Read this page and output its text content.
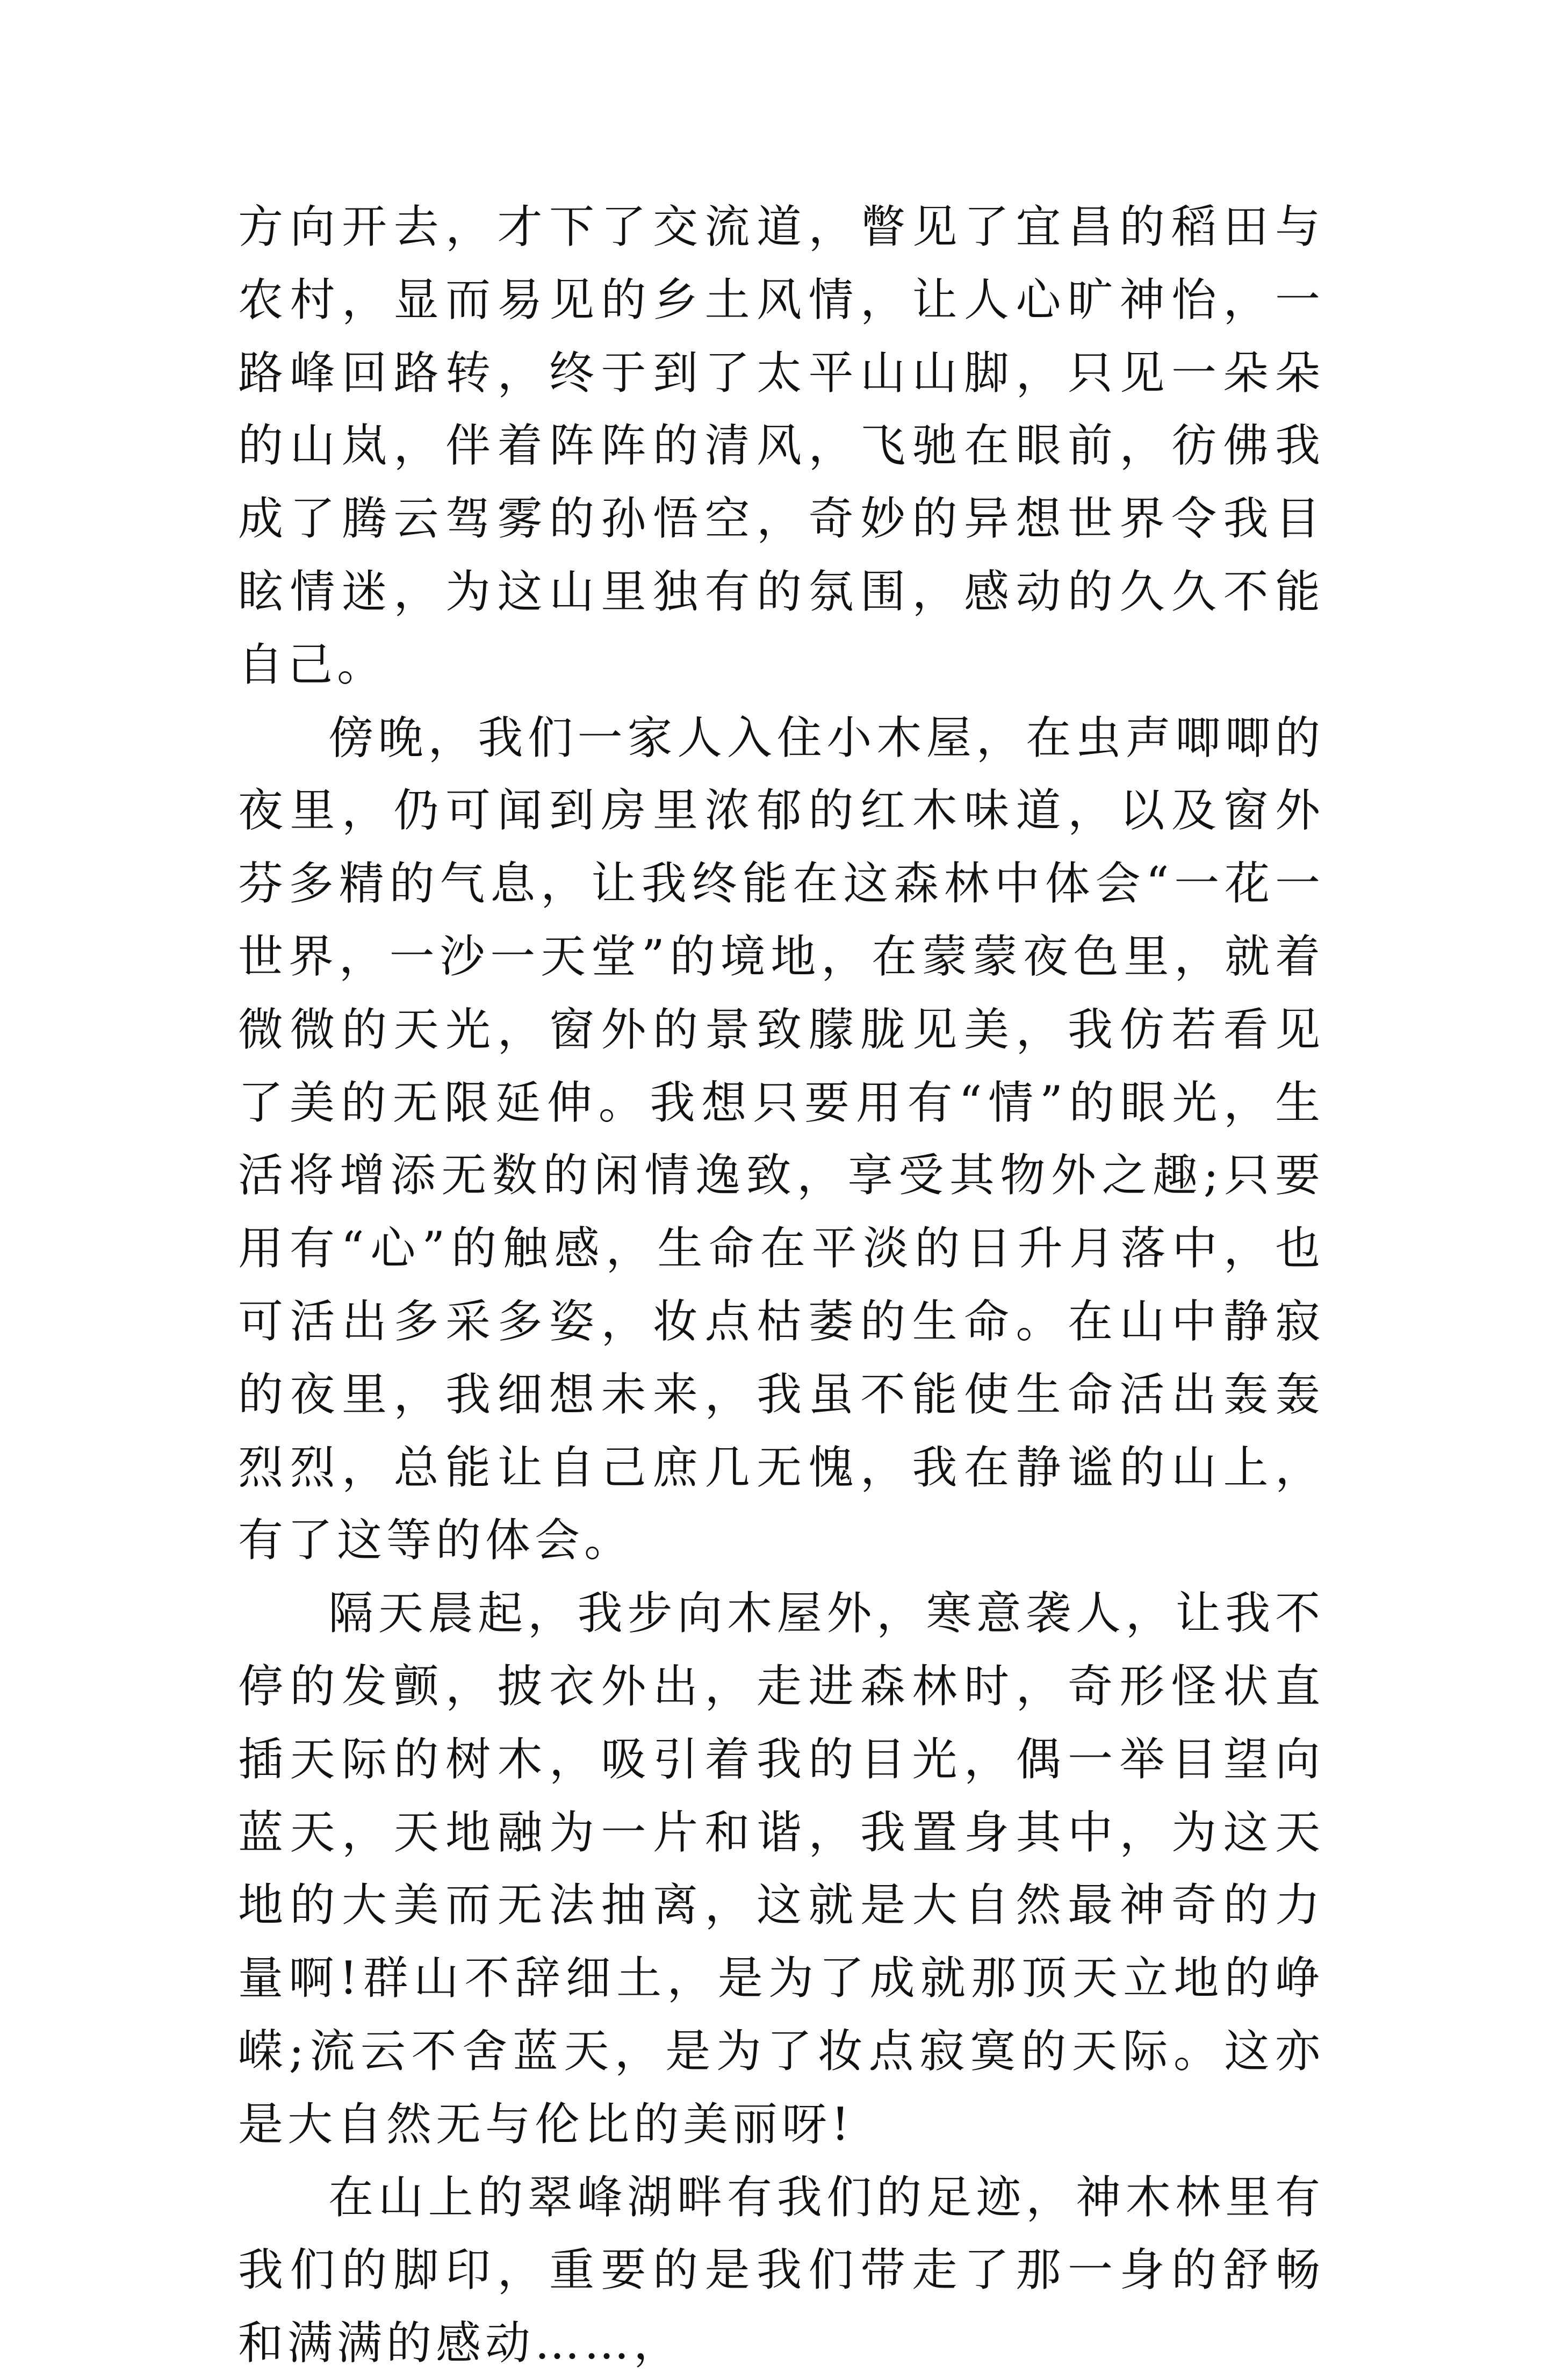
方向开去，才下了交流道，瞥见了宜昌的稻田与农村，显而易见的乡土风情，让人心旷神怡，一路峰回路转，终于到了太平山山脚，只见一朵朵的山岚，伴着阵阵的清风，飞驰在眼前，彷佛我成了腾云驾雾的孙悟空，奇妙的异想世界令我目眩情迷，为这山里独有的氛围，感动的久久不能自己。

傍晚，我们一家人入住小木屋，在虫声唧唧的夜里，仍可闻到房里浓郁的红木味道，以及窗外芬多精的气息，让我终能在这森林中体会“一花一世界，一沙一天堂”的境地，在蒙蒙夜色里，就着微微的天光，窗外的景致朦胧见美，我仿若看见了美的无限延伸。我想只要用有“情”的眼光，生活将增添无数的闲情逸致，享受其物外之趣;只要用有“心”的触感，生命在平淡的日升月落中，也可活出多采多姿，妆点枯萎的生命。在山中静寂的夜里，我细想未来，我虽不能使生命活出轰轰烈烈，总能让自己庶几无愧，我在静谧的山上，有了这等的体会。

隔天晨起，我步向木屋外，寒意袭人，让我不停的发颤，披衣外出，走进森林时，奇形怪状直插天际的树木，吸引着我的目光，偶一举目望向蓝天，天地融为一片和谐，我置身其中，为这天地的大美而无法抽离，这就是大自然最神奇的力量啊!群山不辞细土，是为了成就那顶天立地的峥嵘;流云不舍蓝天，是为了妆点寂寞的天际。这亦是大自然无与伦比的美丽呀!

在山上的翠峰湖畔有我们的足迹，神木林里有我们的脚印，重要的是我们带走了那一身的舒畅和满满的感动……，
